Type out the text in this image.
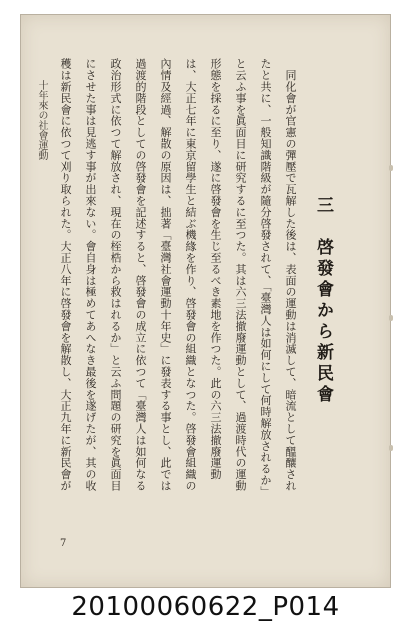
十年來の社會運動
三　啓發會から新民會

　同化會が官憲の彈壓で瓦解した後は、表面の運動は消滅して、暗流として醞釀されたと共に、一般知識階級が隨分啓發されて、「臺灣人は如何にして何時解放されるか」と云ふ事を眞面目に研究するに至つた。其は六三法撤廢運動として、過渡時代の運動形態を採るに至り、遂に啓發會を生じ至るべき素地を作つた。此の六三法撤廢運動は、大正七年に東京留學生と結ぶ機緣を作り、啓發會の組織となつた。啓發會組織の內情及經過、解散の原因は、拙著「臺灣社會運動十年史」に發表する事とし、此では過渡的階段としての啓發會を記述すると、啓發會の成立に依つて「臺灣人は如何なる政治形式に依つて解放され、現在の桎梏から救はれるか」と云ふ問題の研究を眞面目にさせた事は見逃す事が出來ない。會自身は極めてあへなき最後を遂げたが、其の收穫は新民會に依つて刈り取られた。大正八年に啓發會を解散し、大正九年に新民會が

7
20100060622_P014
